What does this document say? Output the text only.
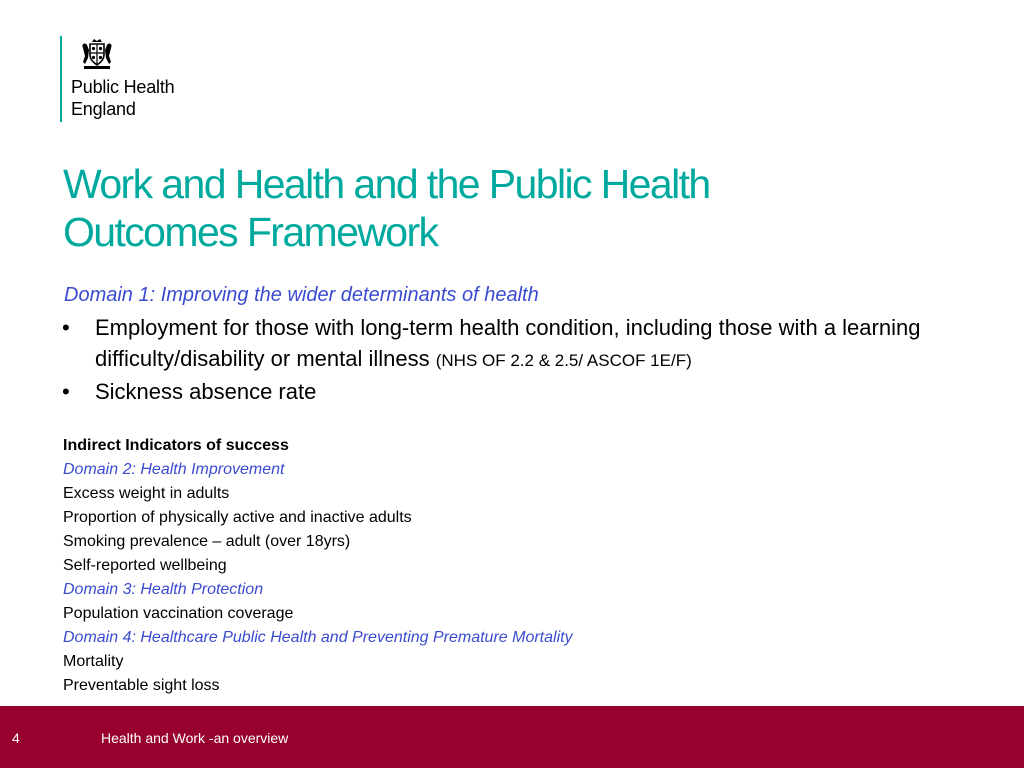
Public Health
England
Work and Health and the Public Health
Outcomes Framework
Domain 1: Improving the wider determinants of health
• Employment for those with long-term health condition, including those with a learning difficulty/disability or mental illness (NHS OF 2.2 & 2.5/ ASCOF 1E/F)
• Sickness absence rate
Indirect Indicators of success
Domain 2: Health Improvement
Excess weight in adults
Proportion of physically active and inactive adults
Smoking prevalence – adult (over 18yrs)
Self-reported wellbeing
Domain 3: Health Protection
Population vaccination coverage
Domain 4: Healthcare Public Health and Preventing Premature Mortality
Mortality
Preventable sight loss
4	Health and Work -an overview
